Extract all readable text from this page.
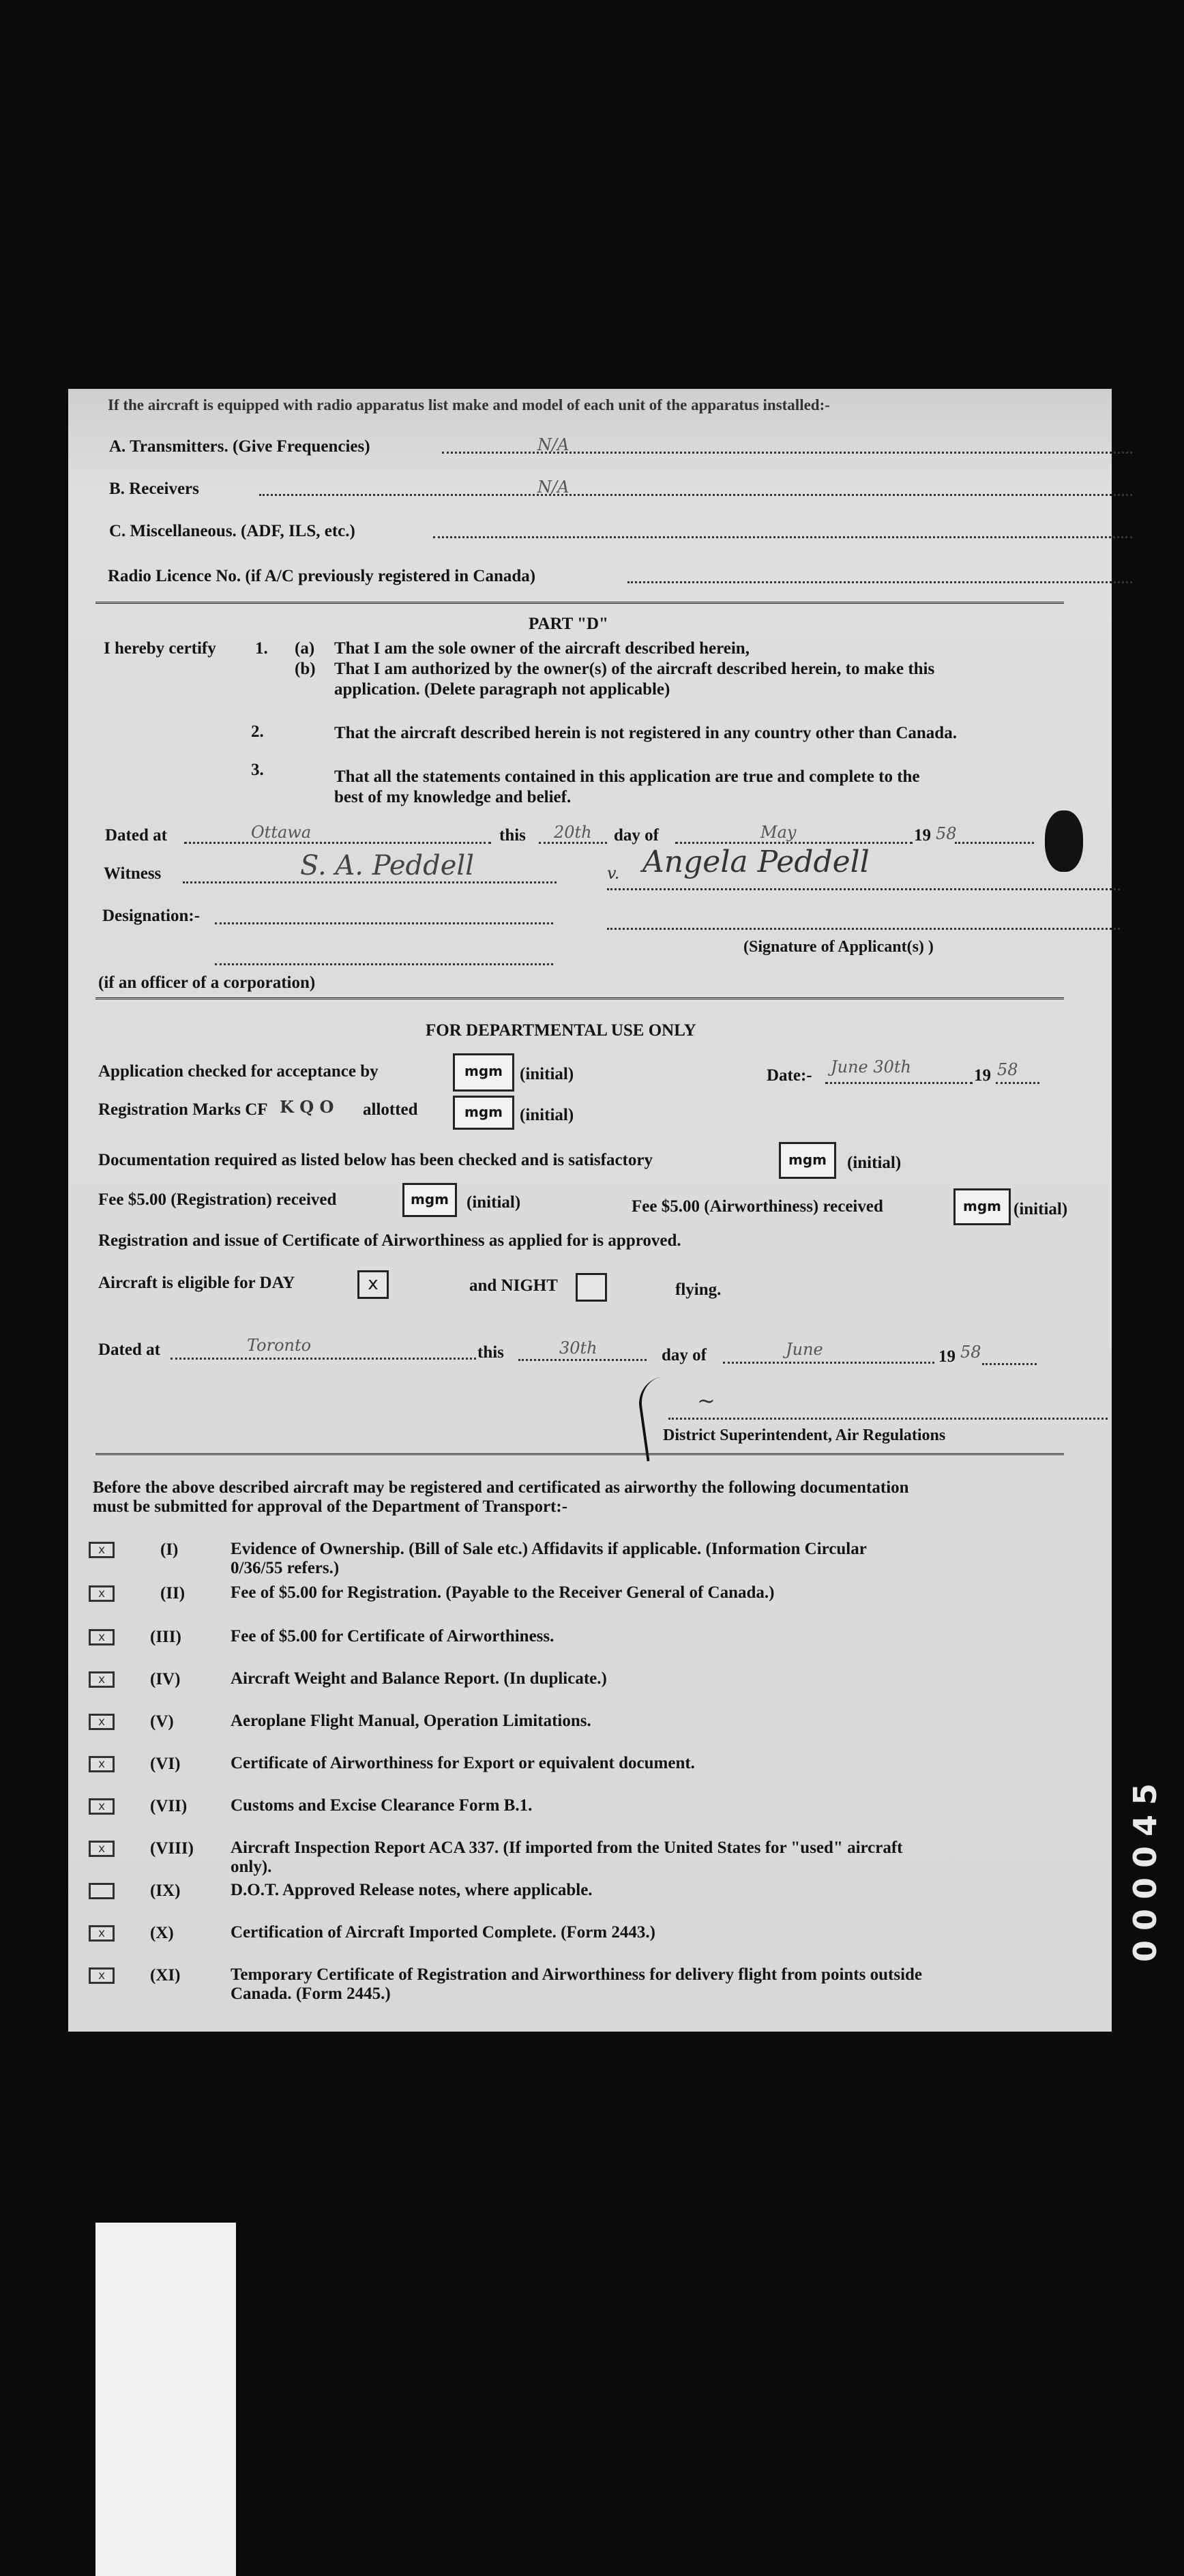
If the aircraft is equipped with radio apparatus list make and model of each unit of the apparatus installed:-
A. Transmitters. (Give Frequencies)	N/A
B. Receivers	N/A
C. Miscellaneous. (ADF, ILS, etc.)
Radio Licence No. (if A/C previously registered in Canada)
PART "D"
I hereby certify 1. (a) That I am the sole owner of the aircraft described herein,
(b) That I am authorized by the owner(s) of the aircraft described herein, to make this
application. (Delete paragraph not applicable)
2.	That the aircraft described herein is not registered in any country other than Canada.
3.	That all the statements contained in this application are true and complete to the
best of my knowledge and belief.
Dated at	Ottawa	this 20th day of	May	19 58
Witness	S. A. Peddell	v. Angela Peddell
Designation:-
(Signature of Applicant(s) )
(if an officer of a corporation)
FOR DEPARTMENTAL USE ONLY
Application checked for acceptance by	mgm	(initial)	Date:- June 30th	19 58
Registration Marks CF K Q O allotted	mgm	(initial)
Documentation required as listed below has been checked and is satisfactory	mgm	(initial)
Fee $5.00 (Registration) received	mgm	(initial)	Fee $5.00 (Airworthiness) received	mgm (initial)
Registration and issue of Certificate of Airworthiness as applied for is approved.
Aircraft is eligible for DAY	x	and NIGHT	flying.
Dated at	Toronto	this	30th	day of	June	19 58
~
District Superintendent, Air Regulations
Before the above described aircraft may be registered and certificated as airworthy the following documentation
must be submitted for approval of the Department of Transport:-
x	(I)	Evidence of Ownership. (Bill of Sale etc.) Affidavits if applicable. (Information Circular
0/36/55 refers.)
x	(II)	Fee of $5.00 for Registration. (Payable to the Receiver General of Canada.)
x	(III)	Fee of $5.00 for Certificate of Airworthiness.
x	(IV)	Aircraft Weight and Balance Report. (In duplicate.)
x	(V)	Aeroplane Flight Manual, Operation Limitations.
x	(VI)	Certificate of Airworthiness for Export or equivalent document.
x	(VII)	Customs and Excise Clearance Form B.1.
x	(VIII) Aircraft Inspection Report ACA 337. (If imported from the United States for "used" aircraft
only).
(IX)	D.O.T. Approved Release notes, where applicable.
x	(X)	Certification of Aircraft Imported Complete. (Form 2443.)
x	(XI)	Temporary Certificate of Registration and Airworthiness for delivery flight from points outside
Canada. (Form 2445.)
000045
